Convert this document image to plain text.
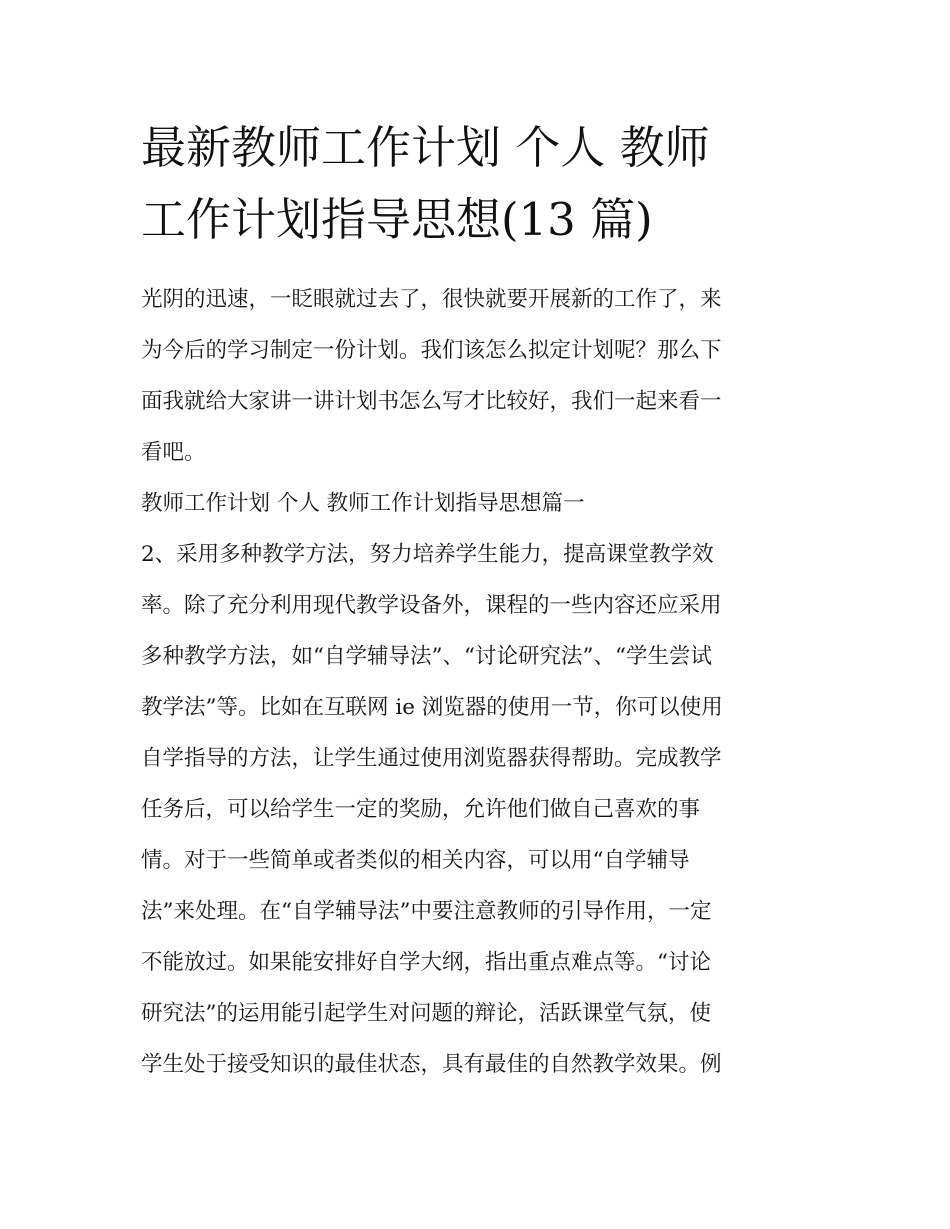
最新教师工作计划 个人 教师
工作计划指导思想(13 篇)
光阴的迅速，一眨眼就过去了，很快就要开展新的工作了，来
为今后的学习制定一份计划。我们该怎么拟定计划呢？那么下
面我就给大家讲一讲计划书怎么写才比较好，我们一起来看一
看吧。
教师工作计划 个人 教师工作计划指导思想篇一
2、采用多种教学方法，努力培养学生能力，提高课堂教学效
率。除了充分利用现代教学设备外，课程的一些内容还应采用
多种教学方法，如“自学辅导法”、“讨论研究法”、“学生尝试
教学法”等。比如在互联网 ie 浏览器的使用一节，你可以使用
自学指导的方法，让学生通过使用浏览器获得帮助。完成教学
任务后，可以给学生一定的奖励，允许他们做自己喜欢的事
情。对于一些简单或者类似的相关内容，可以用“自学辅导
法”来处理。在“自学辅导法”中要注意教师的引导作用，一定
不能放过。如果能安排好自学大纲，指出重点难点等。“讨论
研究法”的运用能引起学生对问题的辩论，活跃课堂气氛，使
学生处于接受知识的最佳状态，具有最佳的自然教学效果。例
